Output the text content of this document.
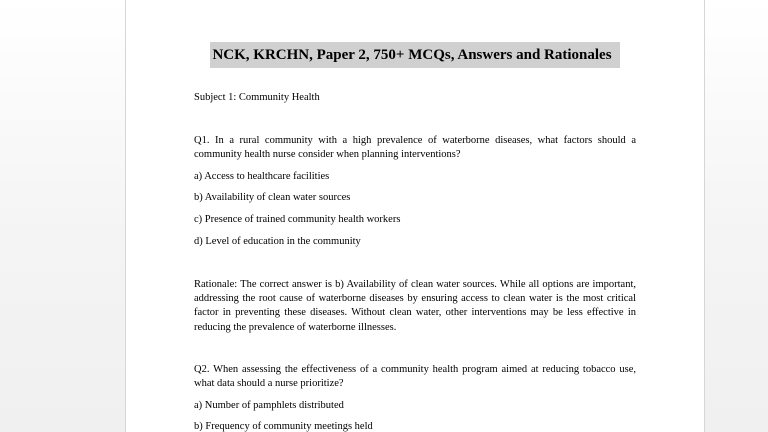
NCK, KRCHN, Paper 2, 750+ MCQs, Answers and Rationales
Subject 1: Community Health
Q1. In a rural community with a high prevalence of waterborne diseases, what factors should a community health nurse consider when planning interventions?
a) Access to healthcare facilities
b) Availability of clean water sources
c) Presence of trained community health workers
d) Level of education in the community
Rationale: The correct answer is b) Availability of clean water sources. While all options are important, addressing the root cause of waterborne diseases by ensuring access to clean water is the most critical factor in preventing these diseases. Without clean water, other interventions may be less effective in reducing the prevalence of waterborne illnesses.
Q2. When assessing the effectiveness of a community health program aimed at reducing tobacco use, what data should a nurse prioritize?
a) Number of pamphlets distributed
b) Frequency of community meetings held
